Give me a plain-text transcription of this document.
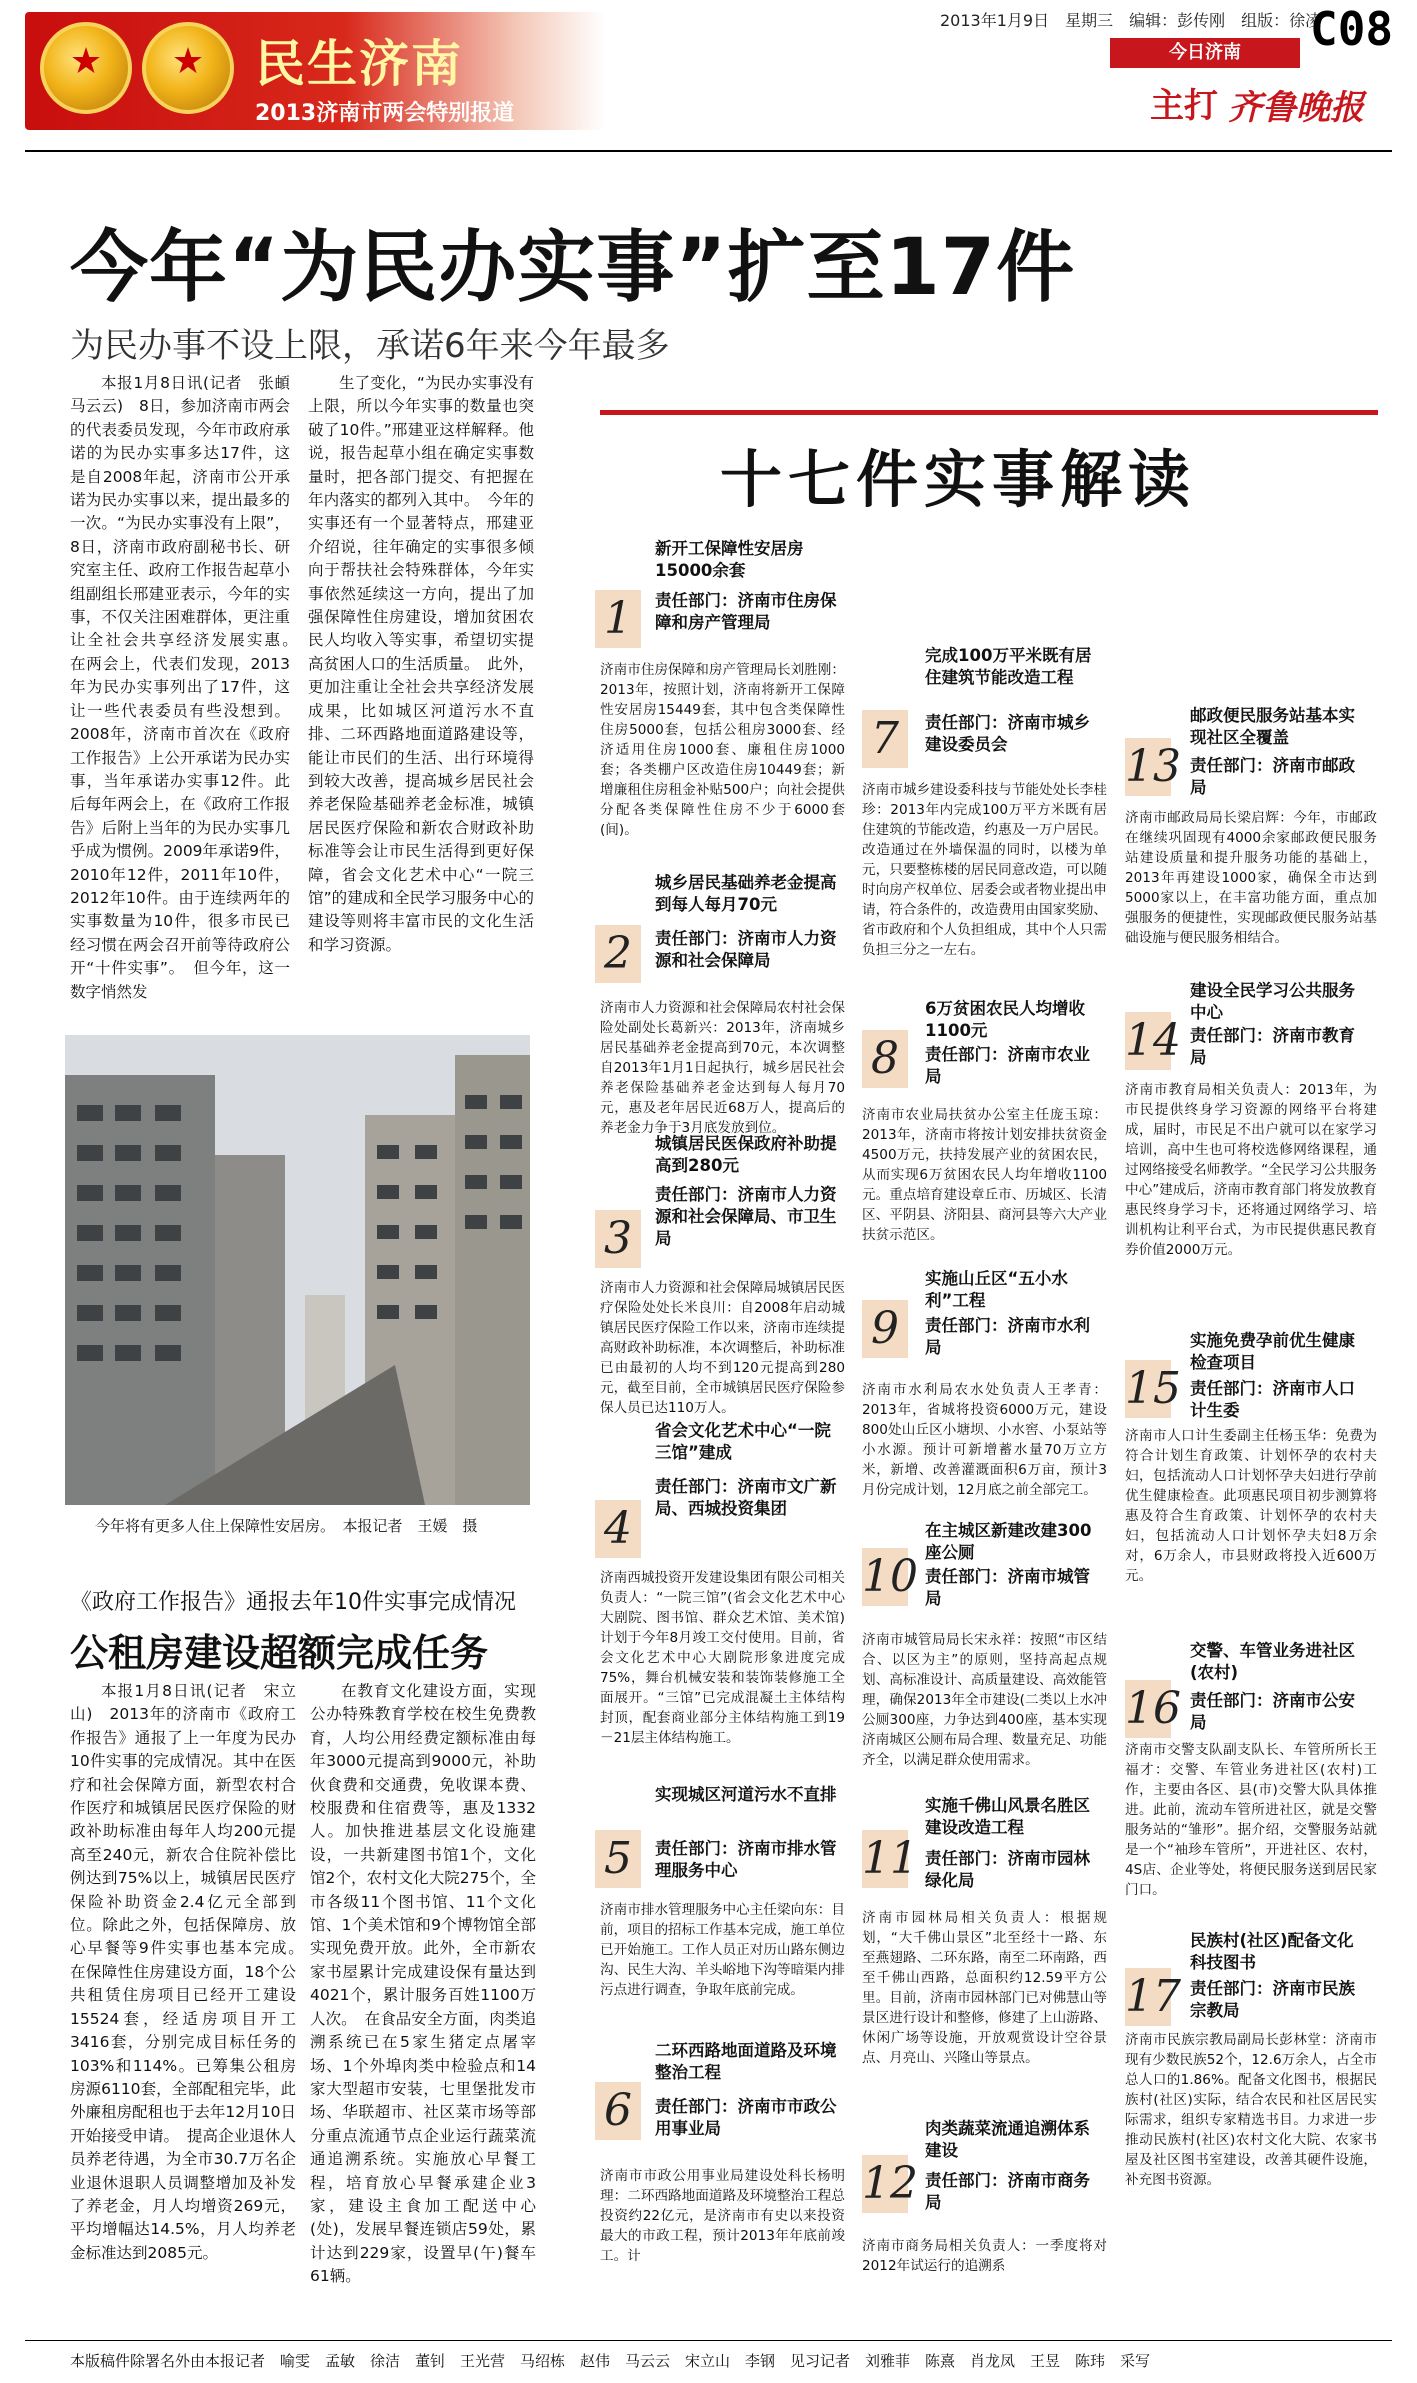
★	★	民生济南
2013济南市两会特别报道
2013年1月9日　星期三　编辑：彭传刚　组版：徐凌
C08
今日济南
主打 齐鲁晚报
今年“为民办实事”扩至17件
为民办事不设上限，承诺6年来今年最多
本报1月8日讯(记者　张頔　马云云)　8日，参加济南市两会的代表委员发现，今年市政府承诺的为民办实事多达17件，这是自2008年起，济南市公开承诺为民办实事以来，提出最多的一次。“为民办实事没有上限”，8日，济南市政府副秘书长、研究室主任、政府工作报告起草小组副组长邢建亚表示，今年的实事，不仅关注困难群体，更注重让全社会共享经济发展实惠。　在两会上，代表们发现，2013年为民办实事列出了17件，这让一些代表委员有些没想到。2008年，济南市首次在《政府工作报告》上公开承诺为民办实事，当年承诺办实事12件。此后每年两会上，在《政府工作报告》后附上当年的为民办实事几乎成为惯例。2009年承诺9件，2010年12件，2011年10件，2012年10件。由于连续两年的实事数量为10件，很多市民已经习惯在两会召开前等待政府公开“十件实事”。　但今年，这一数字悄然发
生了变化，“为民办实事没有上限，所以今年实事的数量也突破了10件。”邢建亚这样解释。他说，报告起草小组在确定实事数量时，把各部门提交、有把握在年内落实的都列入其中。　今年的实事还有一个显著特点，邢建亚介绍说，往年确定的实事很多倾向于帮扶社会特殊群体，今年实事依然延续这一方向，提出了加强保障性住房建设，增加贫困农民人均收入等实事，希望切实提高贫困人口的生活质量。　此外，更加注重让全社会共享经济发展成果，比如城区河道污水不直排、二环西路地面道路建设等，能让市民们的生活、出行环境得到较大改善，提高城乡居民社会养老保险基础养老金标准，城镇居民医疗保险和新农合财政补助标准等会让市民生活得到更好保障，省会文化艺术中心“一院三馆”的建成和全民学习服务中心的建设等则将丰富市民的文化生活和学习资源。
今年将有更多人住上保障性安居房。　本报记者　王媛　摄
《政府工作报告》通报去年10件实事完成情况
公租房建设超额完成任务
本报1月8日讯(记者　宋立山)　2013年的济南市《政府工作报告》通报了上一年度为民办10件实事的完成情况。其中在医疗和社会保障方面，新型农村合作医疗和城镇居民医疗保险的财政补助标准由每年人均200元提高至240元，新农合住院补偿比例达到75%以上，城镇居民医疗保险补助资金2.4亿元全部到位。除此之外，包括保障房、放心早餐等9件实事也基本完成。　在保障性住房建设方面，18个公共租赁住房项目已经开工建设15524套，经适房项目开工3416套，分别完成目标任务的103%和114%。已筹集公租房房源6110套，全部配租完毕，此外廉租房配租也于去年12月10日开始接受申请。　提高企业退休人员养老待遇，为全市30.7万名企业退休退职人员调整增加及补发了养老金，月人均增资269元，平均增幅达14.5%，月人均养老金标准达到2085元。
在教育文化建设方面，实现公办特殊教育学校在校生免费教育，人均公用经费定额标准由每年3000元提高到9000元，补助伙食费和交通费，免收课本费、校服费和住宿费等，惠及1332人。加快推进基层文化设施建设，一共新建图书馆1个，文化馆2个，农村文化大院275个，全市各级11个图书馆、11个文化馆、1个美术馆和9个博物馆全部实现免费开放。此外，全市新农家书屋累计完成建设保有量达到4021个，累计服务百姓1100万人次。　在食品安全方面，肉类追溯系统已在5家生猪定点屠宰场、1个外埠肉类中检验点和14家大型超市安装，七里堡批发市场、华联超市、社区菜市场等部分重点流通节点企业运行蔬菜流通追溯系统。实施放心早餐工程，培育放心早餐承建企业3家，建设主食加工配送中心(处)，发展早餐连锁店59处，累计达到229家，设置早(午)餐车61辆。
十七件实事解读
1
新开工保障性安居房15000余套
责任部门：济南市住房保障和房产管理局
济南市住房保障和房产管理局长刘胜刚：2013年，按照计划，济南将新开工保障性安居房15449套，其中包含类保障性住房5000套，包括公租房3000套、经济适用住房1000套、廉租住房1000套；各类棚户区改造住房10449套；新增廉租住房租金补贴500户；向社会提供分配各类保障性住房不少于6000套(间)。
2
城乡居民基础养老金提高到每人每月70元
责任部门：济南市人力资源和社会保障局
济南市人力资源和社会保障局农村社会保险处副处长葛新兴：2013年，济南城乡居民基础养老金提高到70元，本次调整自2013年1月1日起执行，城乡居民社会养老保险基础养老金达到每人每月70元，惠及老年居民近68万人，提高后的养老金力争于3月底发放到位。
3
城镇居民医保政府补助提高到280元
责任部门：济南市人力资源和社会保障局、市卫生局
济南市人力资源和社会保障局城镇居民医疗保险处处长米良川：自2008年启动城镇居民医疗保险工作以来，济南市连续提高财政补助标准，本次调整后，补助标准已由最初的人均不到120元提高到280元，截至目前，全市城镇居民医疗保险参保人员已达110万人。
4
省会文化艺术中心“一院三馆”建成
责任部门：济南市文广新局、西城投资集团
济南西城投资开发建设集团有限公司相关负责人：“一院三馆”(省会文化艺术中心大剧院、图书馆、群众艺术馆、美术馆)计划于今年8月竣工交付使用。目前，省会文化艺术中心大剧院形象进度完成75%，舞台机械安装和装饰装修施工全面展开。“三馆”已完成混凝土主体结构封顶，配套商业部分主体结构施工到19－21层主体结构施工。
5
实现城区河道污水不直排
责任部门：济南市排水管理服务中心
济南市排水管理服务中心主任梁向东：目前，项目的招标工作基本完成，施工单位已开始施工。工作人员正对历山路东侧边沟、民生大沟、羊头峪地下沟等暗渠内排污点进行调查，争取年底前完成。
6
二环西路地面道路及环境整治工程
责任部门：济南市市政公用事业局
济南市市政公用事业局建设处科长杨明理：二环西路地面道路及环境整治工程总投资约22亿元，是济南市有史以来投资最大的市政工程，预计2013年年底前竣工。计
7
完成100万平米既有居住建筑节能改造工程
责任部门：济南市城乡建设委员会
济南市城乡建设委科技与节能处处长李桂珍：2013年内完成100万平方米既有居住建筑的节能改造，约惠及一万户居民。改造通过在外墙保温的同时，以楼为单元，只要整栋楼的居民同意改造，可以随时向房产权单位、居委会或者物业提出申请，符合条件的，改造费用由国家奖励、省市政府和个人负担组成，其中个人只需负担三分之一左右。
8
6万贫困农民人均增收1100元
责任部门：济南市农业局
济南市农业局扶贫办公室主任庞玉琼：2013年，济南市将按计划安排扶贫资金4500万元，扶持发展产业的贫困农民，从而实现6万贫困农民人均年增收1100元。重点培育建设章丘市、历城区、长清区、平阴县、济阳县、商河县等六大产业扶贫示范区。
9
实施山丘区“五小水利”工程
责任部门：济南市水利局
济南市水利局农水处负责人王孝青：2013年，省城将投资6000万元，建设800处山丘区小塘坝、小水窖、小泵站等小水源。预计可新增蓄水量70万立方米，新增、改善灌溉面积6万亩，预计3月份完成计划，12月底之前全部完工。
10
在主城区新建改建300座公厕
责任部门：济南市城管局
济南市城管局局长宋永祥：按照“市区结合、以区为主”的原则，坚持高起点规划、高标准设计、高质量建设、高效能管理，确保2013年全市建设(二类以上水冲公厕300座，力争达到400座，基本实现济南城区公厕布局合理、数量充足、功能齐全，以满足群众使用需求。
11
实施千佛山风景名胜区建设改造工程
责任部门：济南市园林绿化局
济南市园林局相关负责人：根据规划，“大千佛山景区”北至经十一路、东至燕翅路、二环东路，南至二环南路，西至千佛山西路，总面积约12.59平方公里。目前，济南市园林部门已对佛慧山等景区进行设计和整修，修建了上山游路、休闲广场等设施，开放观赏设计空谷景点、月亮山、兴隆山等景点。
12
肉类蔬菜流通追溯体系建设
责任部门：济南市商务局
济南市商务局相关负责人：一季度将对2012年试运行的追溯系
13
邮政便民服务站基本实现社区全覆盖
责任部门：济南市邮政局
济南市邮政局局长梁启辉：今年，市邮政在继续巩固现有4000余家邮政便民服务站建设质量和提升服务功能的基础上，2013年再建设1000家，确保全市达到5000家以上，在丰富功能方面，重点加强服务的便捷性，实现邮政便民服务站基础设施与便民服务相结合。
14
建设全民学习公共服务中心
责任部门：济南市教育局
济南市教育局相关负责人：2013年，为市民提供终身学习资源的网络平台将建成，届时，市民足不出户就可以在家学习培训，高中生也可将校选修网络课程，通过网络接受名师教学。“全民学习公共服务中心”建成后，济南市教育部门将发放教育惠民终身学习卡，还将通过网络学习、培训机构让利平台式，为市民提供惠民教育券价值2000万元。
15
实施免费孕前优生健康检查项目
责任部门：济南市人口计生委
济南市人口计生委副主任杨玉华：免费为符合计划生育政策、计划怀孕的农村夫妇，包括流动人口计划怀孕夫妇进行孕前优生健康检查。此项惠民项目初步测算将惠及符合生育政策、计划怀孕的农村夫妇，包括流动人口计划怀孕夫妇8万余对，6万余人，市县财政将投入近600万元。
16
交警、车管业务进社区(农村)
责任部门：济南市公安局
济南市交警支队副支队长、车管所所长王福才：交警、车管业务进社区(农村)工作，主要由各区、县(市)交警大队具体推进。此前，流动车管所进社区，就是交警服务站的“雏形”。据介绍，交警服务站就是一个“袖珍车管所”，开进社区、农村，4S店、企业等处，将便民服务送到居民家门口。
17
民族村(社区)配备文化科技图书
责任部门：济南市民族宗教局
济南市民族宗教局副局长彭林堂：济南市现有少数民族52个，12.6万余人，占全市总人口的1.86%。配备文化图书，根据民族村(社区)实际，结合农民和社区居民实际需求，组织专家精选书目。力求进一步推动民族村(社区)农村文化大院、农家书屋及社区图书室建设，改善其硬件设施，补充图书资源。
本版稿件除署名外由本报记者　喻雯　孟敏　徐洁　董钊　王光营　马绍栋　赵伟　马云云　宋立山　李钢　见习记者　刘雅菲　陈熹　肖龙凤　王昱　陈玮　采写
